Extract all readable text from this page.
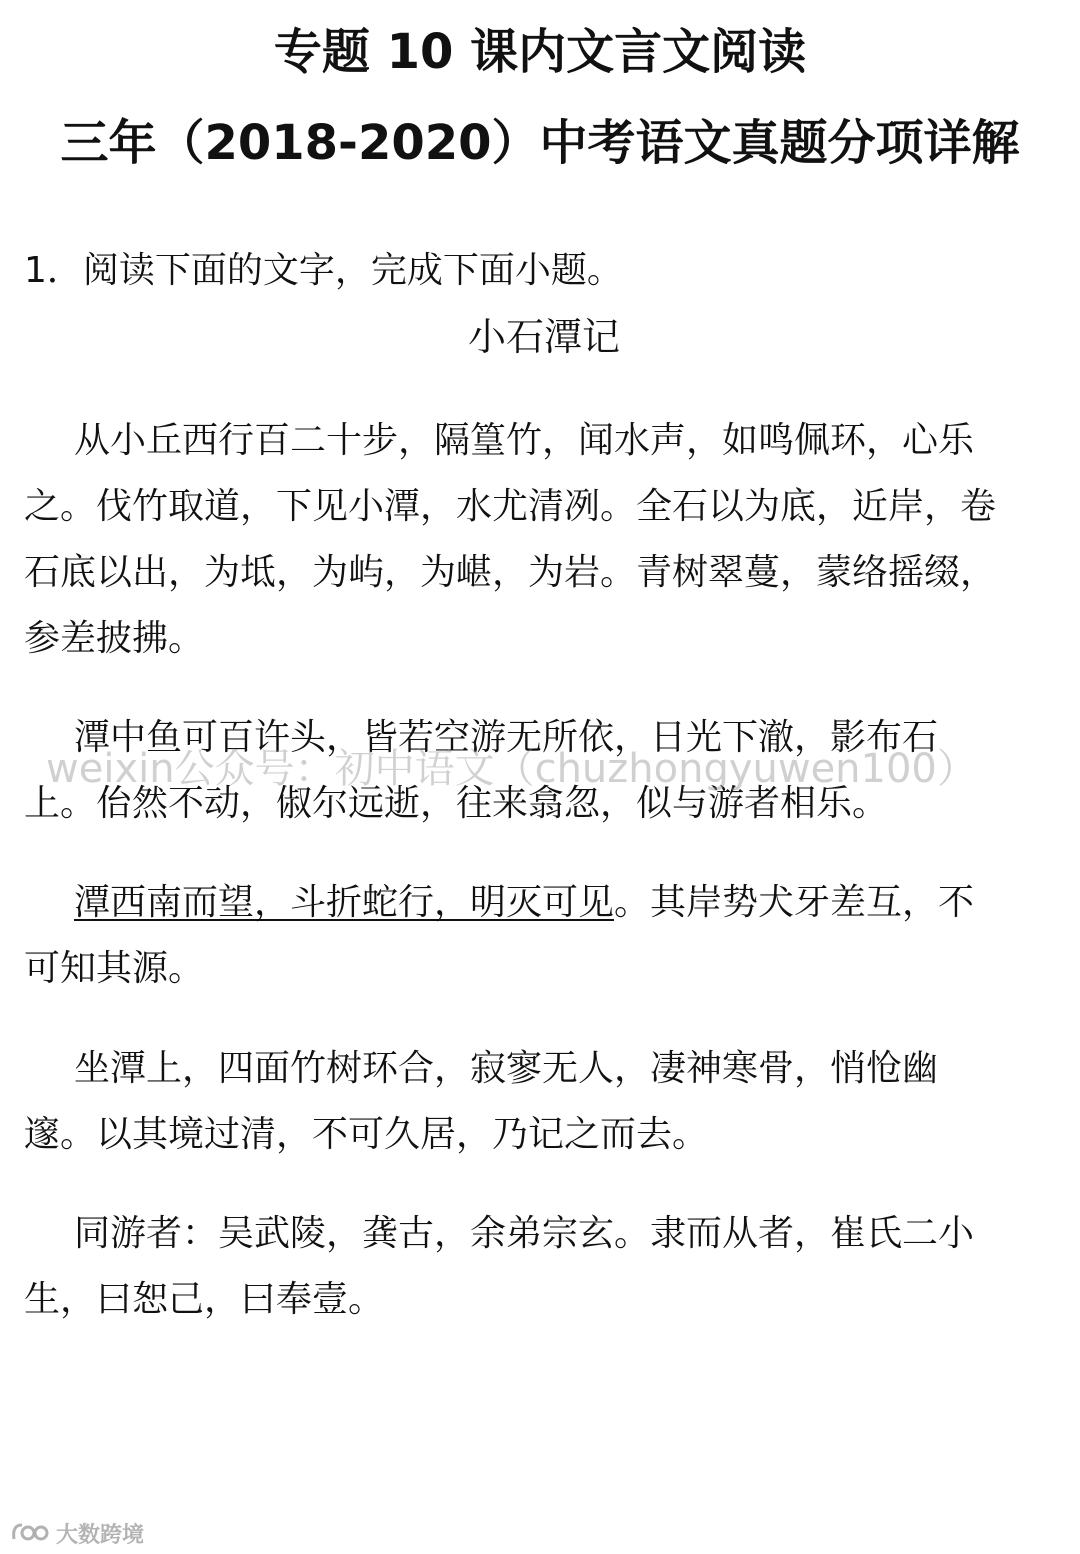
专题 10 课内文言文阅读
三年（2018-2020）中考语文真题分项详解
1．阅读下面的文字，完成下面小题。
小石潭记
从小丘西行百二十步，隔篁竹，闻水声，如鸣佩环，心乐
之。伐竹取道，下见小潭，水尤清冽。全石以为底，近岸，卷
石底以出，为坻，为屿，为嵁，为岩。青树翠蔓，蒙络摇缀，
参差披拂。
潭中鱼可百许头，皆若空游无所依，日光下澈，影布石
上。佁然不动，俶尔远逝，往来翕忽，似与游者相乐。
潭西南而望，斗折蛇行，明灭可见。其岸势犬牙差互，不
可知其源。
坐潭上，四面竹树环合，寂寥无人，凄神寒骨，悄怆幽
邃。以其境过清，不可久居，乃记之而去。
同游者：吴武陵，龚古，余弟宗玄。隶而从者，崔氏二小
生，曰恕己，曰奉壹。
weixin公众号：初中语文（chuzhongyuwen100）
大数跨境
